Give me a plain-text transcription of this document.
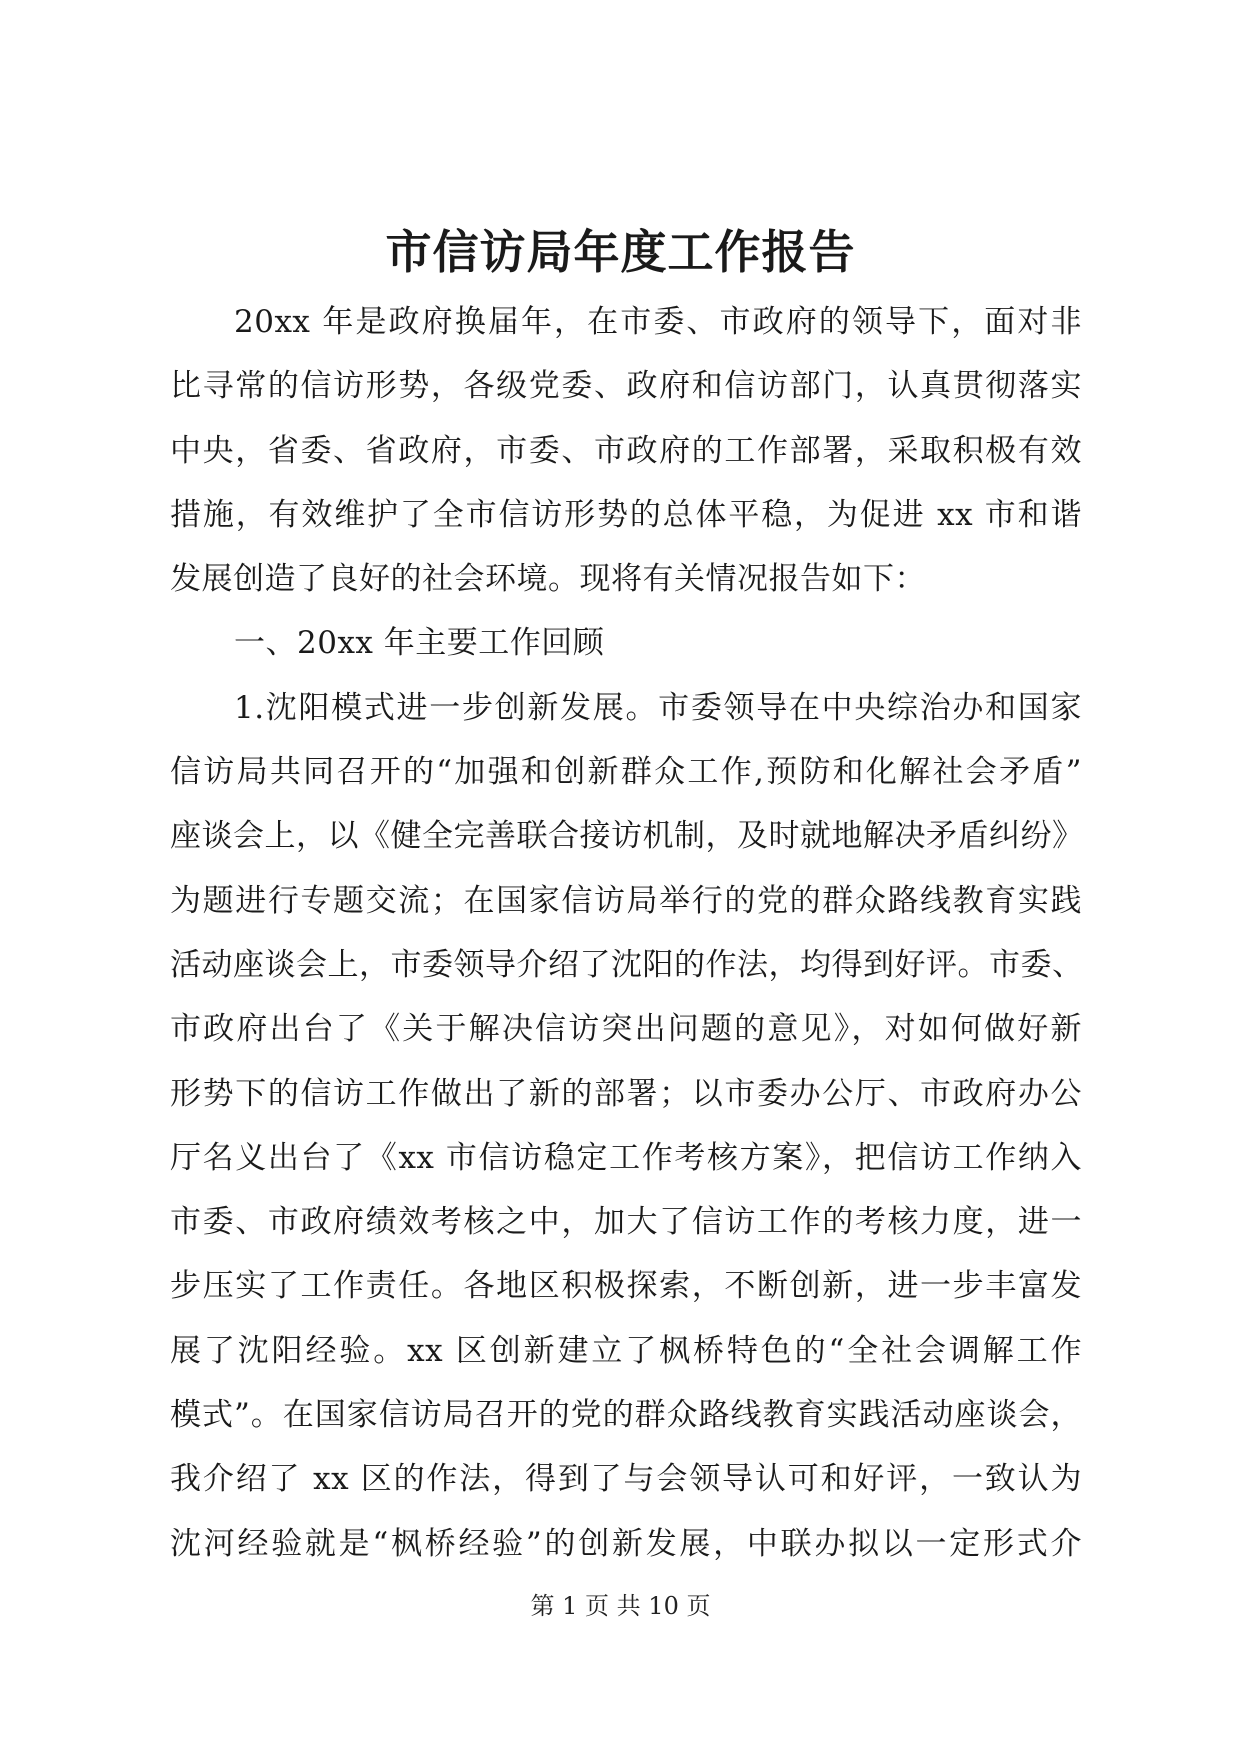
市信访局年度工作报告
20xx 年是政府换届年，在市委、市政府的领导下，面对非
比寻常的信访形势，各级党委、政府和信访部门，认真贯彻落实
中央，省委、省政府，市委、市政府的工作部署，采取积极有效
措施，有效维护了全市信访形势的总体平稳，为促进 xx 市和谐
发展创造了良好的社会环境。现将有关情况报告如下：
一、20xx 年主要工作回顾
1.沈阳模式进一步创新发展。市委领导在中央综治办和国家
信访局共同召开的“加强和创新群众工作,预防和化解社会矛盾”
座谈会上，以《健全完善联合接访机制，及时就地解决矛盾纠纷》
为题进行专题交流；在国家信访局举行的党的群众路线教育实践
活动座谈会上，市委领导介绍了沈阳的作法，均得到好评。市委、
市政府出台了《关于解决信访突出问题的意见》，对如何做好新
形势下的信访工作做出了新的部署；以市委办公厅、市政府办公
厅名义出台了《xx 市信访稳定工作考核方案》，把信访工作纳入
市委、市政府绩效考核之中，加大了信访工作的考核力度，进一
步压实了工作责任。各地区积极探索，不断创新，进一步丰富发
展了沈阳经验。xx 区创新建立了枫桥特色的“全社会调解工作
模式”。在国家信访局召开的党的群众路线教育实践活动座谈会，
我介绍了 xx 区的作法，得到了与会领导认可和好评，一致认为
沈河经验就是“枫桥经验”的创新发展，中联办拟以一定形式介
第 1 页 共 10 页
